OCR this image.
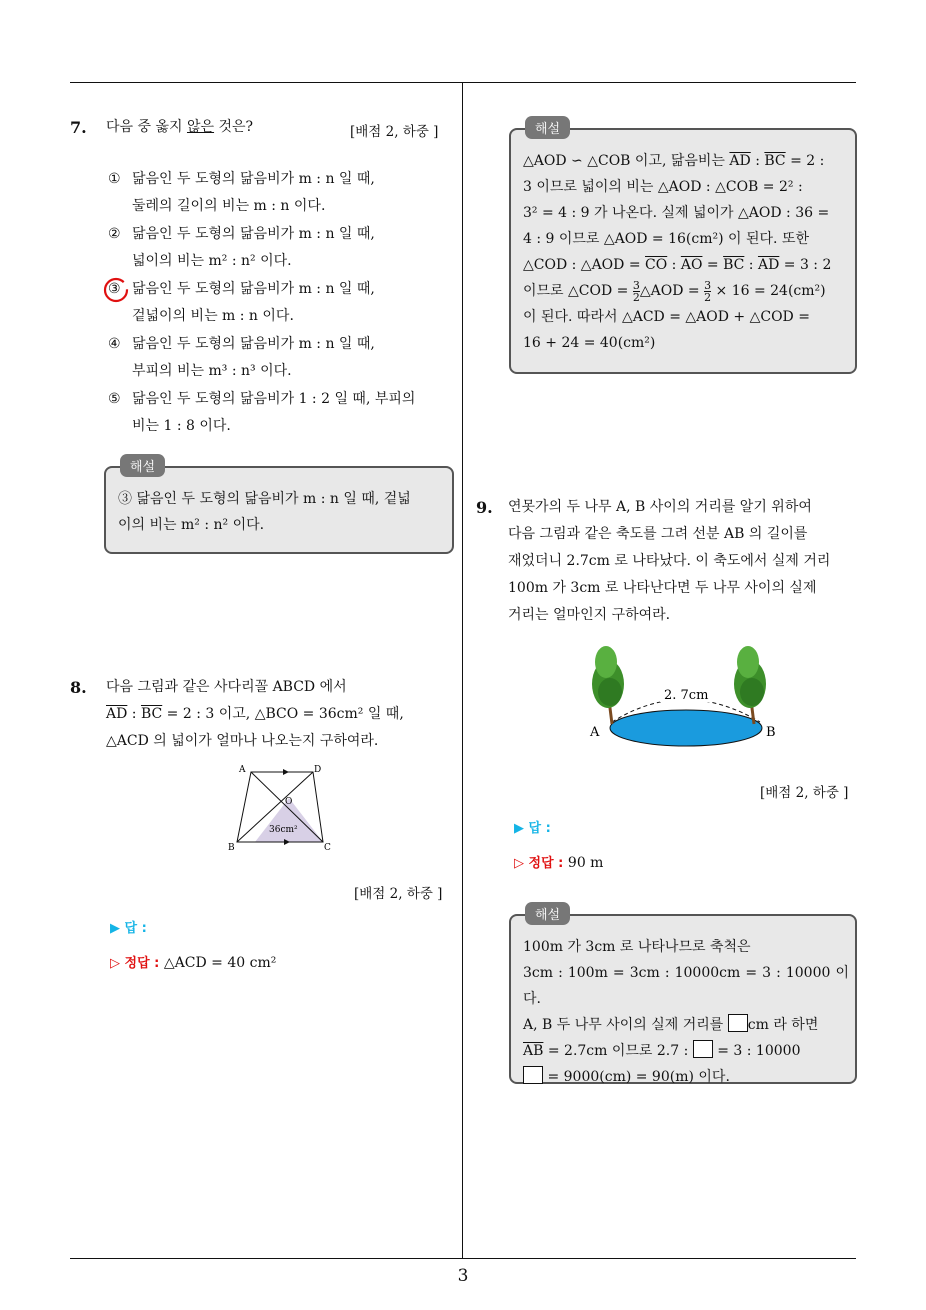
7. 다음 중 옳지 않은 것은?	[배점 2, 하중 ]
① 닮음인 두 도형의 닮음비가 m : n 일 때,
둘레의 길이의 비는 m : n 이다.
② 닮음인 두 도형의 닮음비가 m : n 일 때,
넓이의 비는 m² : n² 이다.
③ 닮음인 두 도형의 닮음비가 m : n 일 때,
겉넓이의 비는 m : n 이다.
④ 닮음인 두 도형의 닮음비가 m : n 일 때,
부피의 비는 m³ : n³ 이다.
⑤ 닮음인 두 도형의 닮음비가 1 : 2 일 때, 부피의
비는 1 : 8 이다.
해설
③ 닮음인 두 도형의 닮음비가 m : n 일 때, 겉넓
이의 비는 m² : n² 이다.
8. 다음 그림과 같은 사다리꼴 ABCD 에서
$\overline{AD}$ : $\overline{BC} = 2$ : 3 이고, △BCO = 36cm² 일 때,
△ACD 의 넓이가 얼마나 나오는지 구하여라.
A	D
B	C
O
36cm²
[배점 2, 하중 ]
▶ 답 :
▷ 정답 : △ACD = 40 cm²
해설
△AOD ∽ △COB 이고, 닮음비는 $\overline{AD}$ : $\overline{BC} = 2$ :
3 이므로 넓이의 비는 △AOD : △COB = 2² :
3² = 4 : 9 가 나온다. 실제 넓이가 △AOD : 36 =
4 : 9 이므로 △AOD = 16(cm²) 이 된다. 또한
△COD : △AOD = $\overline{CO}$ : $\overline{AO} = \overline{BC}$ : $\overline{AD} = 3$ : 2
이므로 △COD = $\frac{3}{2}$ △AOD = $\frac{3}{2} \times 16 = 24(cm^2)$
이 된다. 따라서 △ACD = △AOD + △COD =
16 + 24 = 40(cm²)
9. 연못가의 두 나무 A, B 사이의 거리를 알기 위하여
다음 그림과 같은 축도를 그려 선분 AB 의 길이를
재었더니 2.7cm 로 나타났다. 이 축도에서 실제 거리
100m 가 3cm 로 나타난다면 두 나무 사이의 실제
거리는 얼마인지 구하여라.
2. 7cm
A	B
[배점 2, 하중 ]
▶ 답 :
▷ 정답 : 90 m
해설
100m 가 3cm 로 나타나므로 축척은
3cm : 100m = 3cm : 10000cm = 3 : 10000 이다.
A, B 두 나무 사이의 실제 거리를 cm 라 하면
$\overline{AB} = 2.7cm$ 이므로 2.7 :  = 3 : 10000
= 9000(cm) = 90(m) 이다.
3
